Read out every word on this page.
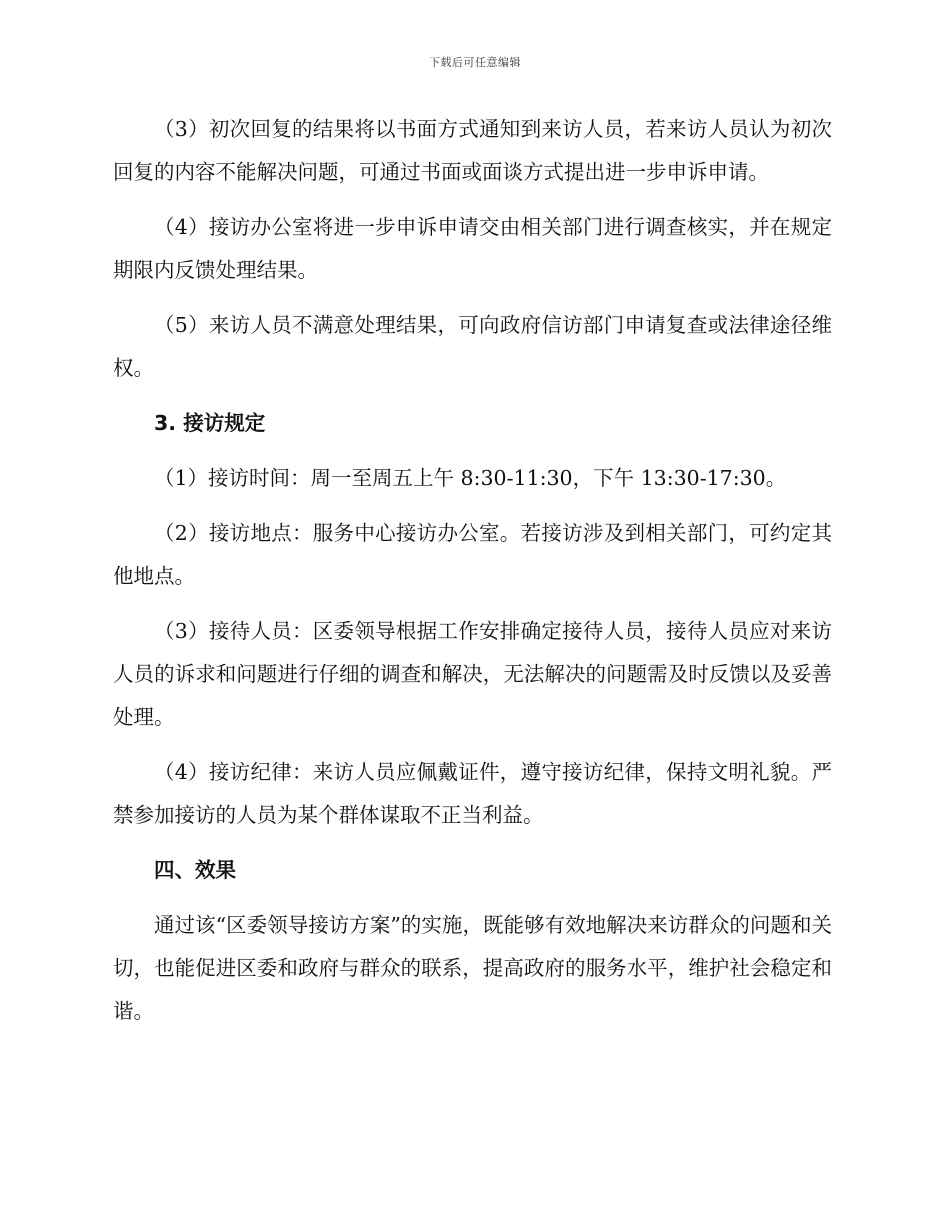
下载后可任意编辑

（3）初次回复的结果将以书面方式通知到来访人员，若来访人员认为初次回复的内容不能解决问题，可通过书面或面谈方式提出进一步申诉申请。

（4）接访办公室将进一步申诉申请交由相关部门进行调查核实，并在规定期限内反馈处理结果。

（5）来访人员不满意处理结果，可向政府信访部门申请复查或法律途径维权。

3. 接访规定

（1）接访时间：周一至周五上午 8:30-11:30，下午 13:30-17:30。

（2）接访地点：服务中心接访办公室。若接访涉及到相关部门，可约定其他地点。

（3）接待人员：区委领导根据工作安排确定接待人员，接待人员应对来访人员的诉求和问题进行仔细的调查和解决，无法解决的问题需及时反馈以及妥善处理。

（4）接访纪律：来访人员应佩戴证件，遵守接访纪律，保持文明礼貌。严禁参加接访的人员为某个群体谋取不正当利益。

四、效果

通过该“区委领导接访方案”的实施，既能够有效地解决来访群众的问题和关切，也能促进区委和政府与群众的联系，提高政府的服务水平，维护社会稳定和谐。
